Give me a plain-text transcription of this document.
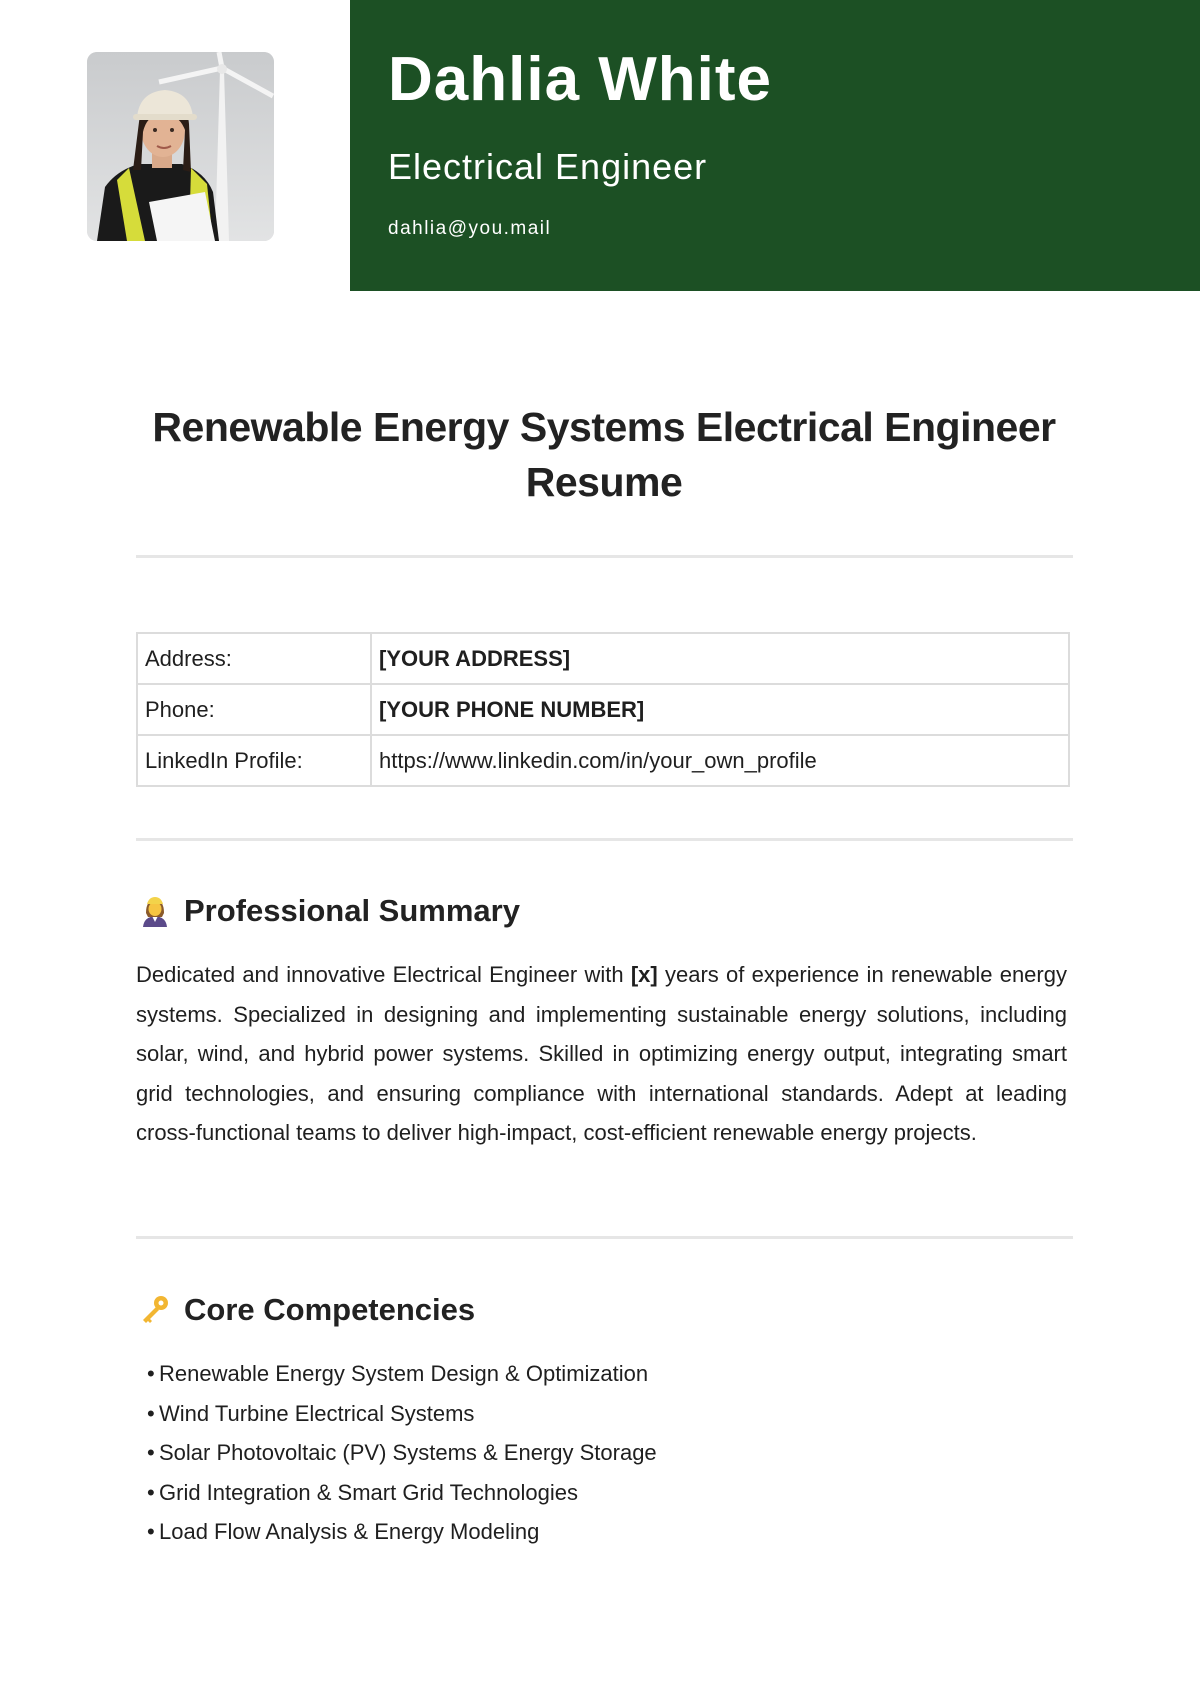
Dahlia White
Electrical Engineer
dahlia@you.mail
Renewable Energy Systems Electrical Engineer Resume
Address:	[YOUR ADDRESS]
Phone:	[YOUR PHONE NUMBER]
LinkedIn Profile:	https://www.linkedin.com/in/your_own_profile
Professional Summary
Dedicated and innovative Electrical Engineer with [x] years of experience in renewable energy systems. Specialized in designing and implementing sustainable energy solutions, including solar, wind, and hybrid power systems. Skilled in optimizing energy output, integrating smart grid technologies, and ensuring compliance with international standards. Adept at leading cross-functional teams to deliver high-impact, cost-efficient renewable energy projects.
Core Competencies
• Renewable Energy System Design & Optimization
• Wind Turbine Electrical Systems
• Solar Photovoltaic (PV) Systems & Energy Storage
• Grid Integration & Smart Grid Technologies
• Load Flow Analysis & Energy Modeling
